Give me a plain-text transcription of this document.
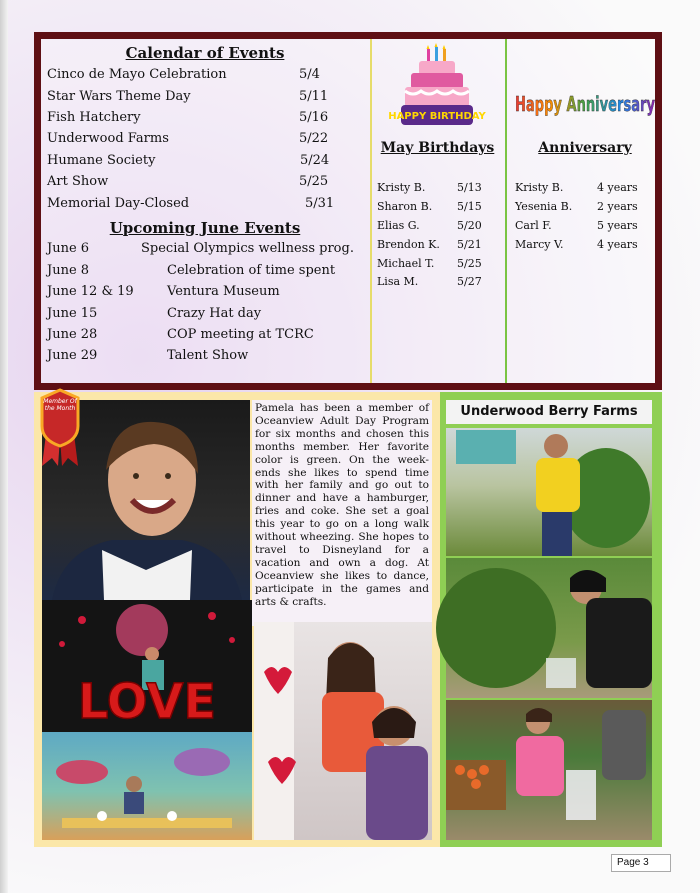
Calendar of Events
Cinco de Mayo Celebration	5/4
Star Wars Theme Day	5/11
Fish Hatchery	5/16
Underwood Farms	5/22
Humane Society	5/24
Art Show	5/25
Memorial Day-Closed	5/31
Upcoming June Events
June 6	Special Olympics wellness prog.
June 8	Celebration of time spent
June 12 & 19	Ventura Museum
June 15	Crazy Hat day
June 28	COP meeting at TCRC
June 29	Talent Show
HAPPY BIRTHDAY
May Birthdays
Kristy B.	5/13
Sharon B. 5/15
Elias G.	5/20
Brendon K. 5/21
Michael T. 5/25
Lisa M.	5/27
Happy Anniversary
Anniversary
Kristy B.	4 years
Yesenia B. 2 years
Carl F.	5 years
Marcy V.	4 years
Member Of the Month	Pamela has been a member of Oceanview Adult Day Program for six months and chosen this months member. Her favorite color is green. On the week-ends she likes to spend time with her family and go out to dinner and have a hamburger, fries and coke. She set a goal this year to go on a long walk without wheezing. She hopes to travel to Disneyland for a vacation and own a dog. At Oceanview she likes to dance, participate in the games and arts & crafts.
LOVE
Underwood Berry Farms
Page 3
